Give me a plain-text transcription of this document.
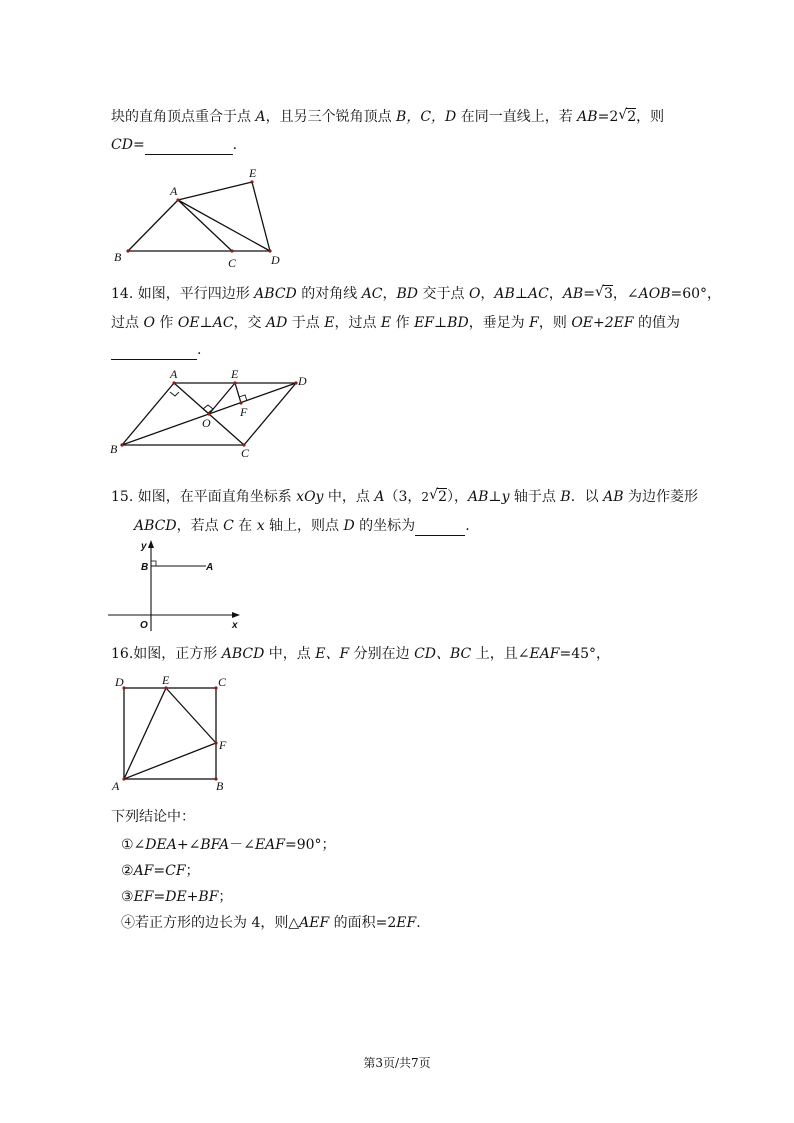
块的直角顶点重合于点 A，且另三个锐角顶点 B，C，D 在同一直线上，若 AB=2 √ 2，则
CD=	.
A
E
B	C	D
14. 如图，平行四边形 ABCD 的对角线 AC，BD 交于点 O，AB⊥AC，AB= √ 3，∠AOB=60°，
过点 O 作 OE⊥AC，交 AD 于点 E，过点 E 作 EF⊥BD，垂足为 F，则 OE+2EF 的值为
.
A	E	D
B	C
O
F
15. 如图，在平面直角坐标系 xOy 中，点 A（3，2 √ 2），AB⊥y 轴于点 B．以 AB 为边作菱形
ABCD，若点 C 在 x 轴上，则点 D 的坐标为	.
y
x
O
B	A
16.如图，正方形 ABCD 中，点 E、F 分别在边 CD、BC 上，且∠EAF=45°，
D	E	C
F
A	B
下列结论中：
①∠DEA+∠BFA－∠EAF=90°；
②AF=CF；
③EF=DE+BF；
④若正方形的边长为 4，则△AEF 的面积=2EF.
第3页/共7页
